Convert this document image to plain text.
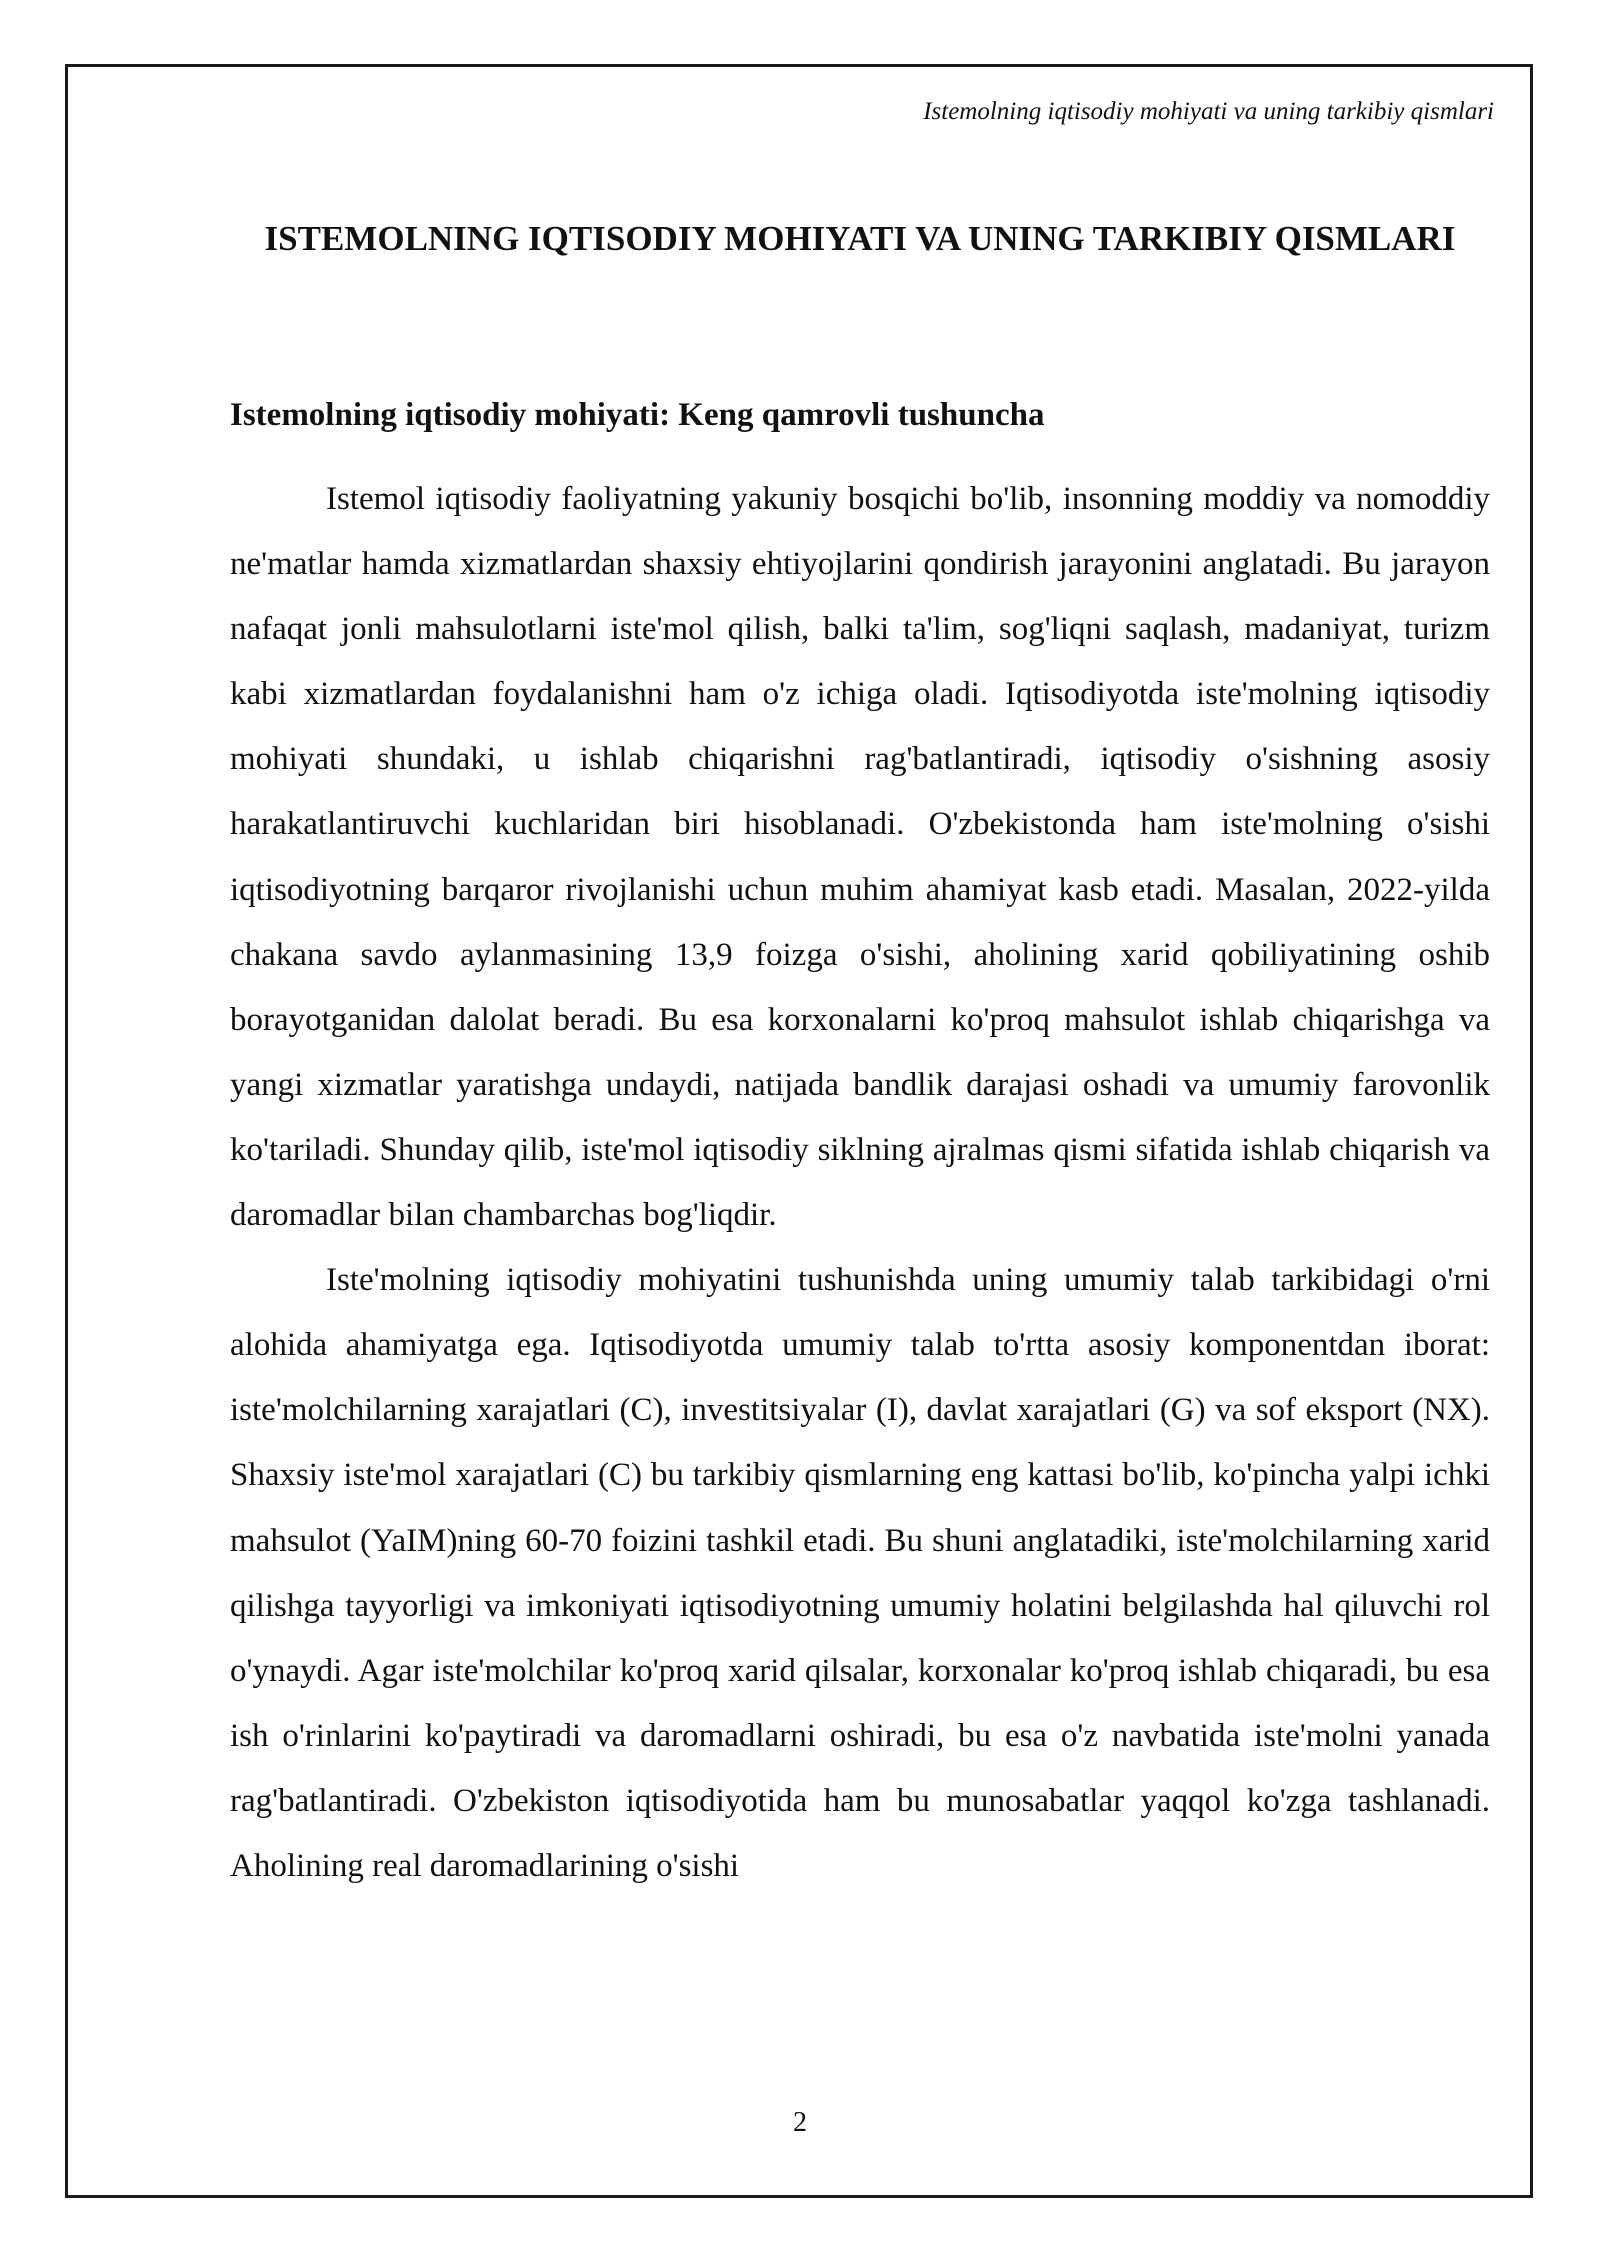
Istemolning iqtisodiy mohiyati va uning tarkibiy qismlari
ISTEMOLNING IQTISODIY MOHIYATI VA UNING TARKIBIY QISMLARI
Istemolning iqtisodiy mohiyati: Keng qamrovli tushuncha

Istemol iqtisodiy faoliyatning yakuniy bosqichi bo'lib, insonning moddiy va nomoddiy ne'matlar hamda xizmatlardan shaxsiy ehtiyojlarini qondirish jarayonini anglatadi. Bu jarayon nafaqat jonli mahsulotlarni iste'mol qilish, balki ta'lim, sog'liqni saqlash, madaniyat, turizm kabi xizmatlardan foydalanishni ham o'z ichiga oladi. Iqtisodiyotda iste'molning iqtisodiy mohiyati shundaki, u ishlab chiqarishni rag'batlantiradi, iqtisodiy o'sishning asosiy harakatlantiruvchi kuchlaridan biri hisoblanadi. O'zbekistonda ham iste'molning o'sishi iqtisodiyotning barqaror rivojlanishi uchun muhim ahamiyat kasb etadi. Masalan, 2022-yilda chakana savdo aylanmasining 13,9 foizga o'sishi, aholining xarid qobiliyatining oshib borayotganidan dalolat beradi. Bu esa korxonalarni ko'proq mahsulot ishlab chiqarishga va yangi xizmatlar yaratishga undaydi, natijada bandlik darajasi oshadi va umumiy farovonlik ko'tariladi. Shunday qilib, iste'mol iqtisodiy siklning ajralmas qismi sifatida ishlab chiqarish va daromadlar bilan chambarchas bog'liqdir.

Iste'molning iqtisodiy mohiyatini tushunishda uning umumiy talab tarkibidagi o'rni alohida ahamiyatga ega. Iqtisodiyotda umumiy talab to'rtta asosiy komponentdan iborat: iste'molchilarning xarajatlari (C), investitsiyalar (I), davlat xarajatlari (G) va sof eksport (NX). Shaxsiy iste'mol xarajatlari (C) bu tarkibiy qismlarning eng kattasi bo'lib, ko'pincha yalpi ichki mahsulot (YaIM)ning 60-70 foizini tashkil etadi. Bu shuni anglatadiki, iste'molchilarning xarid qilishga tayyorligi va imkoniyati iqtisodiyotning umumiy holatini belgilashda hal qiluvchi rol o'ynaydi. Agar iste'molchilar ko'proq xarid qilsalar, korxonalar ko'proq ishlab chiqaradi, bu esa ish o'rinlarini ko'paytiradi va daromadlarni oshiradi, bu esa o'z navbatida iste'molni yanada rag'batlantiradi. O'zbekiston iqtisodiyotida ham bu munosabatlar yaqqol ko'zga tashlanadi. Aholining real daromadlarining o'sishi

2
